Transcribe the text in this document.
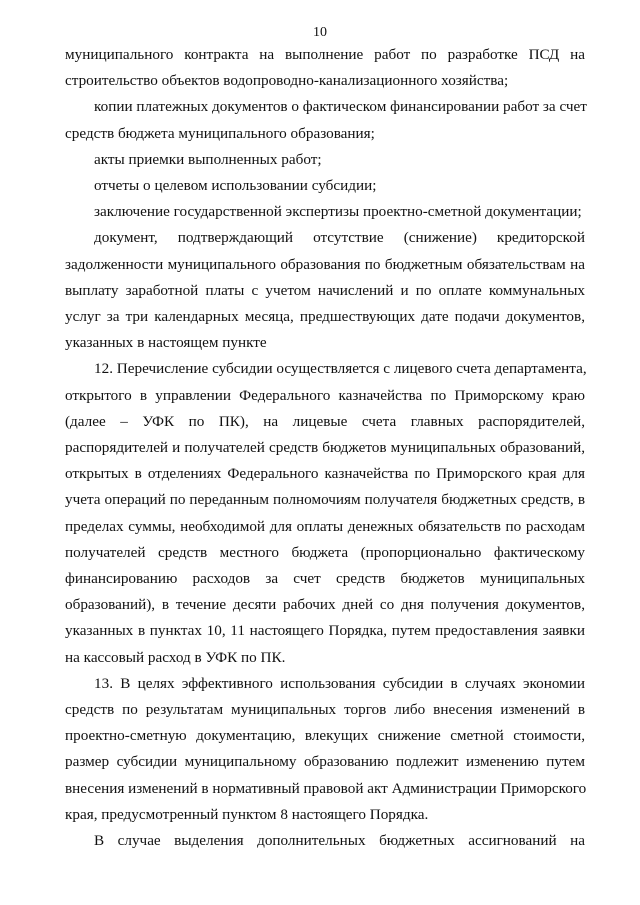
10
муниципального контракта на выполнение работ по разработке ПСД на
строительство объектов водопроводно-канализационного хозяйства;
копии платежных документов о фактическом финансировании работ за счет
средств бюджета муниципального образования;
акты приемки выполненных работ;
отчеты о целевом использовании субсидии;
заключение государственной экспертизы проектно-сметной документации;
документ, подтверждающий отсутствие (снижение) кредиторской
задолженности муниципального образования по бюджетным обязательствам на
выплату заработной платы с учетом начислений и по оплате коммунальных
услуг за три календарных месяца, предшествующих дате подачи документов,
указанных в настоящем пункте
12. Перечисление субсидии осуществляется с лицевого счета департамента,
открытого в управлении Федерального казначейства по Приморскому краю
(далее – УФК по ПК), на лицевые счета главных распорядителей,
распорядителей и получателей средств бюджетов муниципальных образований,
открытых в отделениях Федерального казначейства по Приморского края для
учета операций по переданным полномочиям получателя бюджетных средств, в
пределах суммы, необходимой для оплаты денежных обязательств по расходам
получателей средств местного бюджета (пропорционально фактическому
финансированию расходов за счет средств бюджетов муниципальных
образований), в течение десяти рабочих дней со дня получения документов,
указанных в пунктах 10, 11 настоящего Порядка, путем предоставления заявки
на кассовый расход в УФК по ПК.
13. В целях эффективного использования субсидии в случаях экономии
средств по результатам муниципальных торгов либо внесения изменений в
проектно-сметную документацию, влекущих снижение сметной стоимости,
размер субсидии муниципальному образованию подлежит изменению путем
внесения изменений в нормативный правовой акт Администрации Приморского
края, предусмотренный пунктом 8 настоящего Порядка.
В случае выделения дополнительных бюджетных ассигнований на
